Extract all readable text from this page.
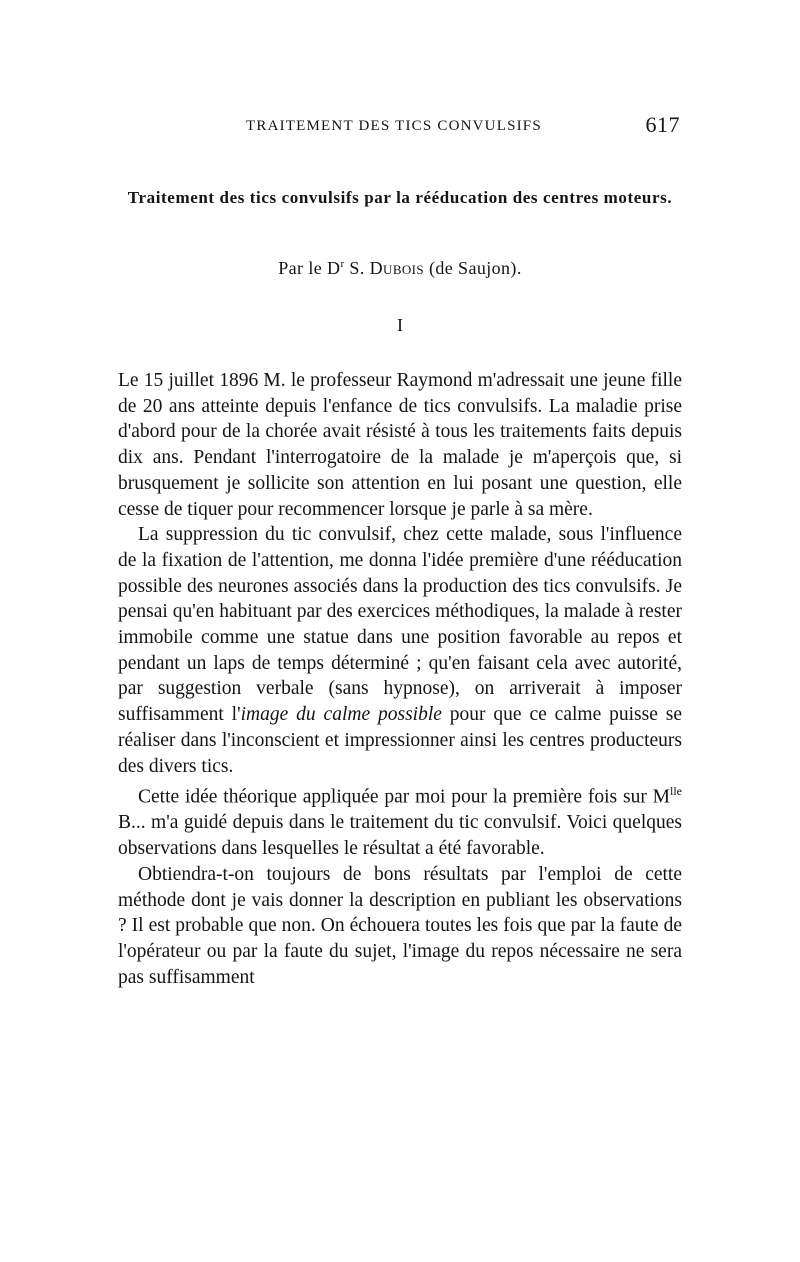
TRAITEMENT DES TICS CONVULSIFS	617
Traitement des tics convulsifs par la rééducation des centres moteurs.
Par le $D^r$ S. Dubois (de Saujon).
I

Le 15 juillet 1896 M. le professeur Raymond m'adressait une jeune fille de 20 ans atteinte depuis l'enfance de tics convulsifs. La maladie prise d'abord pour de la chorée avait résisté à tous les traitements faits depuis dix ans. Pendant l'interrogatoire de la malade je m'aperçois que, si brusquement je sollicite son attention en lui posant une question, elle cesse de tiquer pour recommencer lorsque je parle à sa mère.

La suppression du tic convulsif, chez cette malade, sous l'influence de la fixation de l'attention, me donna l'idée première d'une rééducation possible des neurones associés dans la production des tics convulsifs. Je pensai qu'en habituant par des exercices méthodiques, la malade à rester immobile comme une statue dans une position favorable au repos et pendant un laps de temps déterminé ; qu'en faisant cela avec autorité, par suggestion verbale (sans hypnose), on arriverait à imposer suffisamment l'image du calme possible pour que ce calme puisse se réaliser dans l'inconscient et impressionner ainsi les centres producteurs des divers tics.

Cette idée théorique appliquée par moi pour la première fois sur $M^{lle}$ B... m'a guidé depuis dans le traitement du tic convulsif. Voici quelques observations dans lesquelles le résultat a été favorable.

Obtiendra-t-on toujours de bons résultats par l'emploi de cette méthode dont je vais donner la description en publiant les observations ? Il est probable que non. On échouera toutes les fois que par la faute de l'opérateur ou par la faute du sujet, l'image du repos nécessaire ne sera pas suffisamment
